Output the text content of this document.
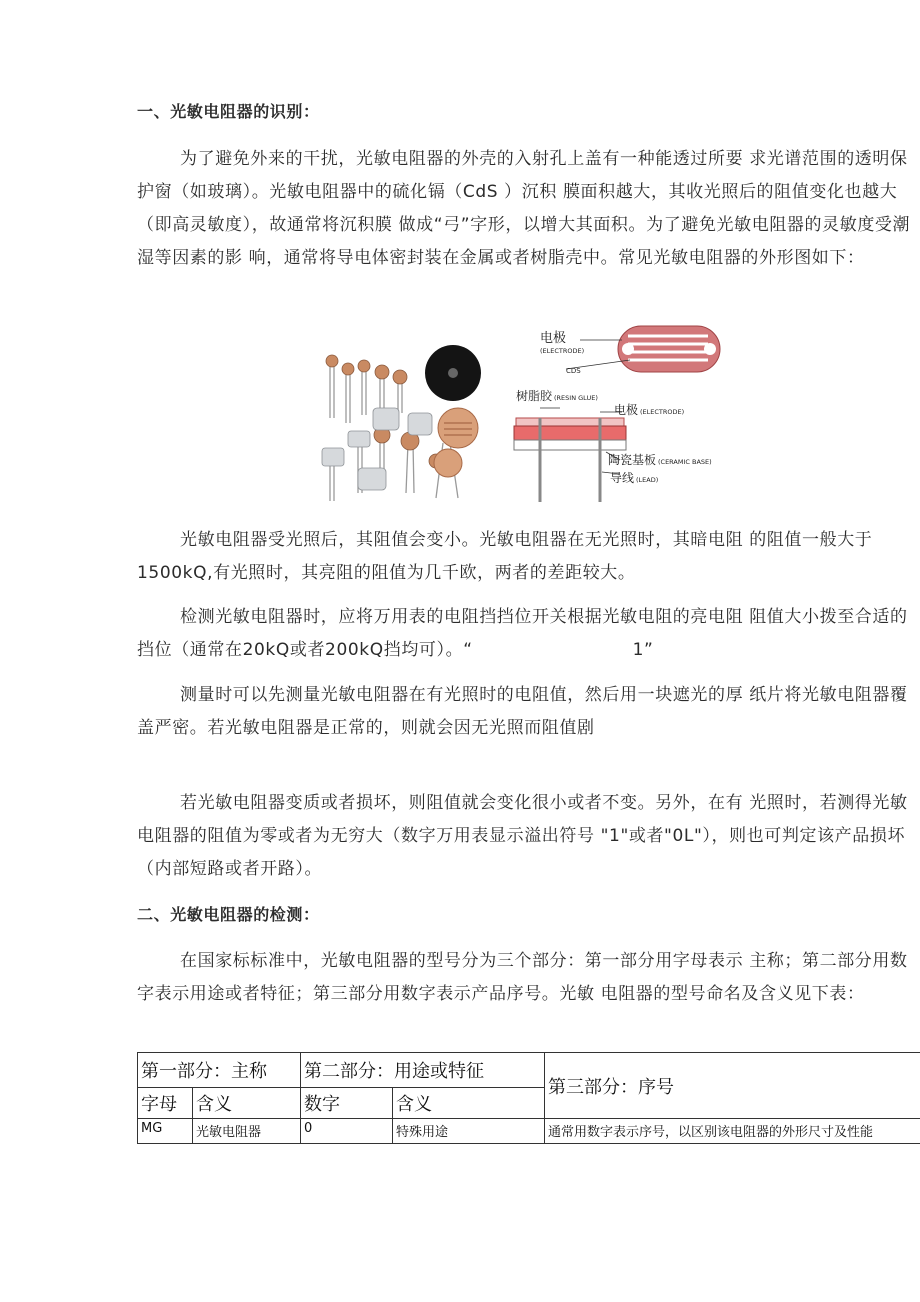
一、光敏电阻器的识别：

为了避免外来的干扰，光敏电阻器的外壳的入射孔上盖有一种能透过所要 求光谱范围的透明保护窗（如玻璃）。光敏电阻器中的硫化镉（CdS ）沉积 膜面积越大，其收光照后的阻值变化也越大（即高灵敏度），故通常将沉积膜 做成“弓”字形，以增大其面积。为了避免光敏电阻器的灵敏度受潮湿等因素的影 响，通常将导电体密封装在金属或者树脂壳中。常见光敏电阻器的外形图如下：

电极
(ELECTRODE)
CDS
树脂胶 (RESIN GLUE)
电极 (ELECTRODE)
陶瓷基板 (CERAMIC BASE)
导线 (LEAD)

光敏电阻器受光照后，其阻值会变小。光敏电阻器在无光照时，其暗电阻 的阻值一般大于1500kQ,有光照时，其亮阻的阻值为几千欧，两者的差距较大。

检测光敏电阻器时，应将万用表的电阻挡挡位开关根据光敏电阻的亮电阻 阻值大小拨至合适的挡位（通常在20kQ或者200kQ挡均可）。“	1”

测量时可以先测量光敏电阻器在有光照时的电阻值，然后用一块遮光的厚 纸片将光敏电阻器覆盖严密。若光敏电阻器是正常的，则就会因无光照而阻值剧

若光敏电阻器变质或者损坏，则阻值就会变化很小或者不变。另外，在有 光照时，若测得光敏电阻器的阻值为零或者为无穷大（数字万用表显示溢出符号 "1"或者"0L"），则也可判定该产品损坏（内部短路或者开路）。

二、光敏电阻器的检测：

在国家标标准中，光敏电阻器的型号分为三个部分：第一部分用字母表示 主称；第二部分用数字表示用途或者特征；第三部分用数字表示产品序号。光敏 电阻器的型号命名及含义见下表：

第一部分：主称		第二部分：用途或特征		第三部分：序号
字母	含义	数字	含义	
MG	光敏电阻器	0	特殊用途	通常用数字表示序号，以区别该电阻器的外形尺寸及性能
